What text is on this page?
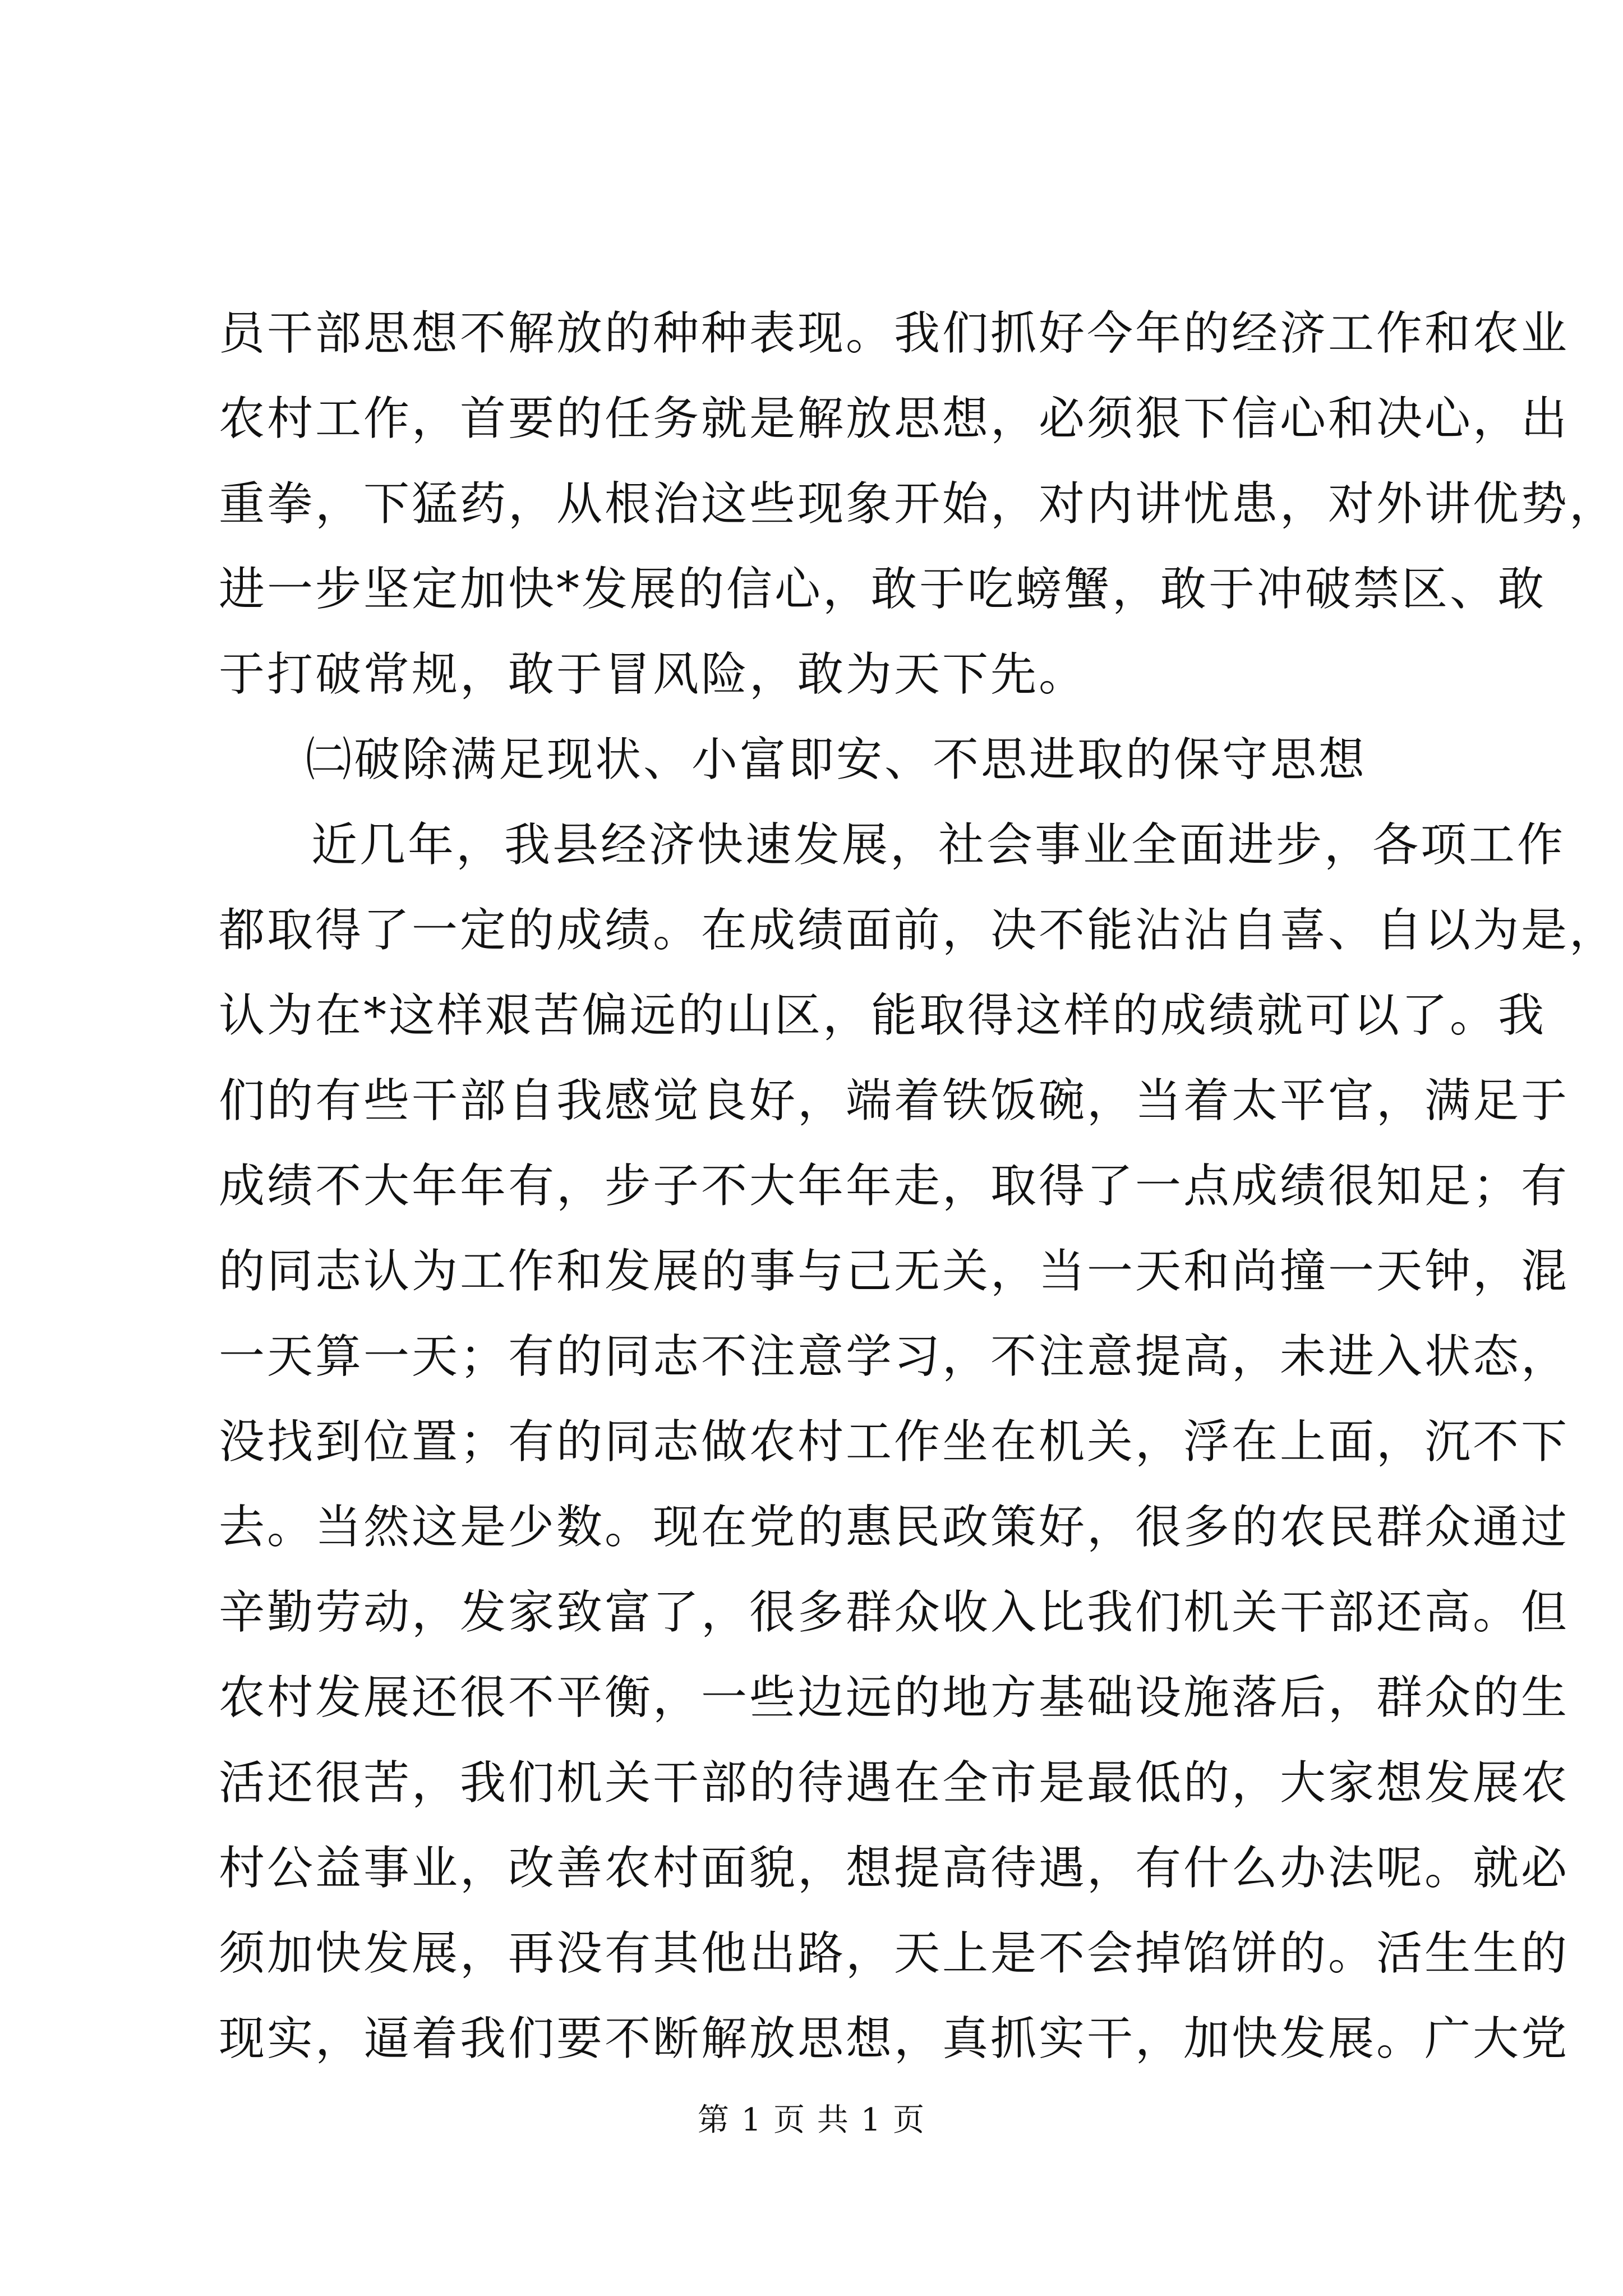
员干部思想不解放的种种表现。我们抓好今年的经济工作和农业
农村工作，首要的任务就是解放思想，必须狠下信心和决心，出
重拳，下猛药，从根治这些现象开始，对内讲忧患，对外讲优势，
进一步坚定加快*发展的信心，敢于吃螃蟹，敢于冲破禁区、敢
于打破常规，敢于冒风险，敢为天下先。
㈡破除满足现状、小富即安、不思进取的保守思想
近几年，我县经济快速发展，社会事业全面进步，各项工作
都取得了一定的成绩。在成绩面前，决不能沾沾自喜、自以为是，
认为在*这样艰苦偏远的山区，能取得这样的成绩就可以了。我
们的有些干部自我感觉良好，端着铁饭碗，当着太平官，满足于
成绩不大年年有，步子不大年年走，取得了一点成绩很知足；有
的同志认为工作和发展的事与己无关，当一天和尚撞一天钟，混
一天算一天；有的同志不注意学习，不注意提高，未进入状态，
没找到位置；有的同志做农村工作坐在机关，浮在上面，沉不下
去。当然这是少数。现在党的惠民政策好，很多的农民群众通过
辛勤劳动，发家致富了，很多群众收入比我们机关干部还高。但
农村发展还很不平衡，一些边远的地方基础设施落后，群众的生
活还很苦，我们机关干部的待遇在全市是最低的，大家想发展农
村公益事业，改善农村面貌，想提高待遇，有什么办法呢。就必
须加快发展，再没有其他出路，天上是不会掉馅饼的。活生生的
现实，逼着我们要不断解放思想，真抓实干，加快发展。广大党
第 1 页 共 1 页
